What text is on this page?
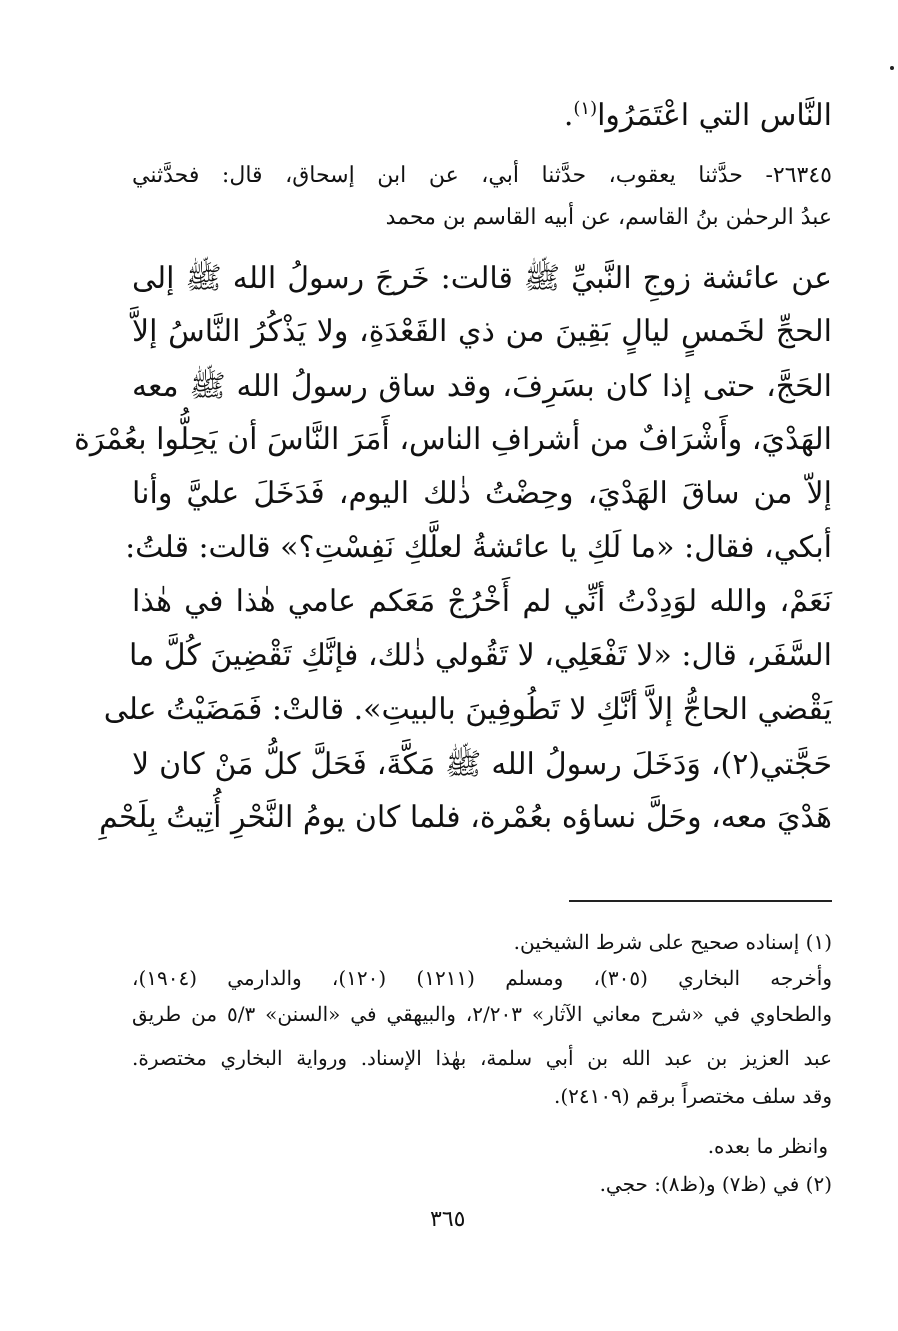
النَّاس التي اعْتَمَرُوا$^{(١)}$.
٢٦٣٤٥- حدَّثنا يعقوب، حدَّثنا أبي، عن ابن إسحاق، قال: فحدَّثني
عبدُ الرحمٰن بنُ القاسم، عن أبيه القاسم بن محمد
عن عائشة زوجِ النَّبيِّ ﷺ قالت: خَرجَ رسولُ الله ﷺ إلى
الحجِّ لخَمسٍ ليالٍ بَقِينَ من ذي القَعْدَةِ، ولا يَذْكُرُ النَّاسُ إلاَّ
الحَجَّ، حتى إذا كان بسَرِفَ، وقد ساق رسولُ الله ﷺ معه
الهَدْيَ، وأَشْرَافٌ من أشرافِ الناس، أَمَرَ النَّاسَ أن يَحِلُّوا بعُمْرَة
إلاّ من ساقَ الهَدْيَ، وحِضْتُ ذٰلك اليوم، فَدَخَلَ عليَّ وأنا
أبكي، فقال: «ما لَكِ يا عائشةُ لعلَّكِ نَفِسْتِ؟» قالت: قلتُ:
نَعَمْ، والله لوَدِدْتُ أنِّي لم أَخْرُجْ مَعَكم عامي هٰذا في هٰذا
السَّفَر، قال: «لا تَفْعَلِي، لا تَقُولي ذٰلك، فإنَّكِ تَقْضِينَ كُلَّ ما
يَقْضي الحاجُّ إلاَّ أنَّكِ لا تَطُوفِينَ بالبيتِ». قالتْ: فَمَضَيْتُ على
حَجَّتي(٢)، وَدَخَلَ رسولُ الله ﷺ مَكَّةَ، فَحَلَّ كلُّ مَنْ كان لا
هَدْيَ معه، وحَلَّ نساؤه بعُمْرة، فلما كان يومُ النَّحْرِ أُتِيتُ بِلَحْمِ
(١) إسناده صحيح على شرط الشيخين.
وأخرجه البخاري (٣٠٥)، ومسلم (١٢١١) (١٢٠)، والدارمي (١٩٠٤)،
والطحاوي في «شرح معاني الآثار» ٢/٢٠٣، والبيهقي في «السنن» ٥/٣ من طريق
عبد العزيز بن عبد الله بن أبي سلمة، بهٰذا الإسناد. ورواية البخاري مختصرة.
وقد سلف مختصراً برقم (٢٤١٠٩).
وانظر ما بعده.
(٢) في (ظ٧) و(ظ٨): حجي.
٣٦٥
